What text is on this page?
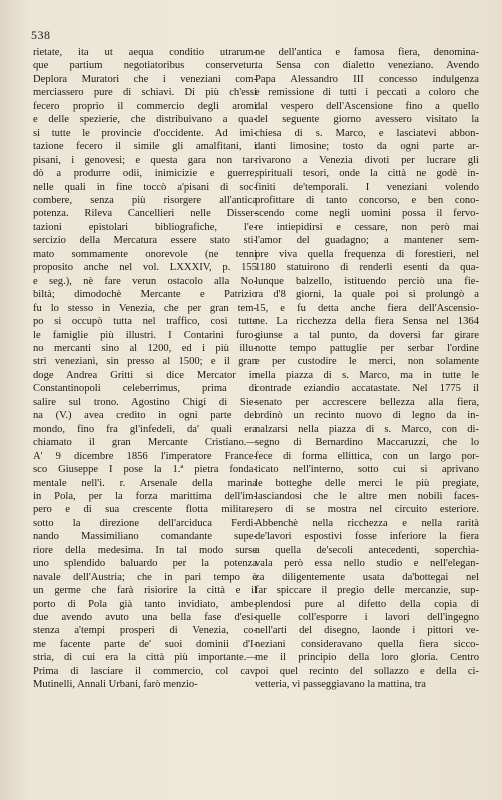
538
rietate, ita ut aequa conditio utrarum-
que partium negotiatoribus conservetur.
Deplora Muratori che i veneziani com-
merciassero pure di schiavi. Di più ch'essi
fecero proprio il commercio degli aromi
e delle spezierie, che distribuivano a qua-
si tutte le provincie d'occidente. Ad imi-
tazione fecero il simile gli amalfitani, i
pisani, i genovesi; e questa gara non tar-
dò a produrre odii, inimicizie e guerre,
nelle quali in fine toccò a'pisani di soc-
combere, senza più risorgere all'antica
potenza. Rileva Cancellieri nelle Disser-
tazioni epistolari bibliografiche, l'e-
sercizio della Mercatura essere stato sti-
mato sommamente onorevole (ne tenni
proposito anche nel vol. LXXXIV, p. 155
e seg.), nè fare verun ostacolo alla No-
biltà; dimodochè Mercante e Patrizio
fu lo stesso in Venezia, che per gran tem-
po si occupò tutta nel traffico, così tutte
le famiglie più illustri. I Contarini furo-
no mercanti sino al 1200, ed i più illu-
stri veneziani, sin presso al 1500; e il gran
doge Andrea Gritti si dice Mercator in
Constantinopoli celeberrimus, prima di
salire sul trono. Agostino Chigi di Sie-
na (V.) avea credito in ogni parte del
mondo, fino fra gl'infedeli, da' quali era
chiamato il gran Mercante Cristiano.—
A' 9 dicembre 1856 l'imperatore France-
sco Giuseppe I pose la 1.ª pietra fonda-
mentale nell'i. r. Arsenale della marina
in Pola, per la forza marittima dell'im-
pero e di sua crescente flotta militare,
sotto la direzione dell'arciduca Ferdi-
nando Massimiliano comandante supe-
riore della medesima. In tal modo surse
uno splendido baluardo per la potenza
navale dell'Austria; che in pari tempo è
un germe che farà risiorire la città e il
porto di Pola già tanto invidiato, ambe-
due avendo avuto una bella fase d'esi-
stenza a'tempi prosperi di Venezia, co-
me facente parte de' suoi dominii d'I-
stria, di cui era la città più importante.—
Prima di lasciare il commercio, col cav.
Mutinelli, Annali Urbani, farò menzio-
ne dell'antica e famosa fiera, denomina-
ta Sensa con dialetto veneziano. Avendo
Papa Alessandro III concesso indulgenza
e remissione di tutti i peccati a coloro che
dal vespero dell'Ascensione fino a quello
del seguente giorno avessero visitato la
chiesa di s. Marco, e lasciatevi abbon-
danti limosine; tosto da ogni parte ar-
rivarono a Venezia divoti per lucrare gli
spirituali tesori, onde la città ne godè in-
finiti de'temporali. I veneziani volendo
profittare di tanto concorso, e ben cono-
scendo come negli uomini possa il fervo-
re intiepidirsi e cessare, non però mai
l'amor del guadagno; a mantener sem-
pre viva quella frequenza di forestieri, nel
1180 statuirono di renderli esenti da qua-
lunque balzello, istituendo perciò una fie-
ra d'8 giorni, la quale poi si prolungò a
15, e fu detta anche fiera dell'Ascensio-
ne. La ricchezza della fiera Sensa nel 1364
giunse a tal punto, da doversi far girare
notte tempo pattuglie per serbar l'ordine
e per custodire le merci, non solamente
nella piazza di s. Marco, ma in tutte le
contrade eziandio accatastate. Nel 1775 il
senato per accrescere bellezza alla fiera,
ordinò un recinto nuovo di legno da in-
nalzarsi nella piazza di s. Marco, con di-
segno di Bernardino Maccaruzzi, che lo
fece di forma ellittica, con un largo por-
ticato nell'interno, sotto cui si aprivano
le botteghe delle merci le più pregiate,
lasciandosi che le altre men nobili faces-
sero di se mostra nel circuito esteriore.
Abbenchè nella ricchezza e nella rarità
de'lavori espostivi fosse inferiore la fiera
a quella de'secoli antecedenti, soperchia-
vala però essa nello studio e nell'elegan-
za diligentemente usata da'bottegai nel
far spiccare il pregio delle mercanzie, sup-
plendosi pure al difetto della copia di
quelle coll'esporre i lavori dell'ingegno
nell'arti del disegno, laonde i pittori ve-
neziani consideravano quella fiera sicco-
me il principio della loro gloria. Centro
poi quel recinto del sollazzo e della ci-
vetteria, vi passeggiavano la mattina, tra
